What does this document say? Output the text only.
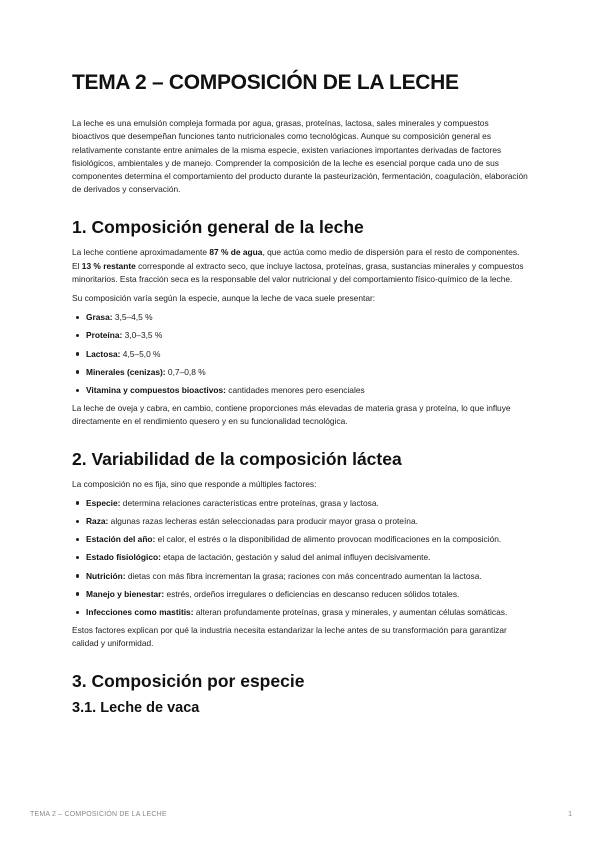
TEMA 2 – COMPOSICIÓN DE LA LECHE

La leche es una emulsión compleja formada por agua, grasas, proteínas, lactosa, sales minerales y compuestos bioactivos que desempeñan funciones tanto nutricionales como tecnológicas. Aunque su composición general es relativamente constante entre animales de la misma especie, existen variaciones importantes derivadas de factores fisiológicos, ambientales y de manejo. Comprender la composición de la leche es esencial porque cada uno de sus componentes determina el comportamiento del producto durante la pasteurización, fermentación, coagulación, elaboración de derivados y conservación.

1. Composición general de la leche

La leche contiene aproximadamente 87 % de agua, que actúa como medio de dispersión para el resto de componentes. El 13 % restante corresponde al extracto seco, que incluye lactosa, proteínas, grasa, sustancias minerales y compuestos minoritarios. Esta fracción seca es la responsable del valor nutricional y del comportamiento físico-químico de la leche.

Su composición varía según la especie, aunque la leche de vaca suele presentar:

Grasa: 3,5–4,5 %
Proteína: 3,0–3,5 %
Lactosa: 4,5–5,0 %
Minerales (cenizas): 0,7–0,8 %
Vitamina y compuestos bioactivos: cantidades menores pero esenciales

La leche de oveja y cabra, en cambio, contiene proporciones más elevadas de materia grasa y proteína, lo que influye directamente en el rendimiento quesero y en su funcionalidad tecnológica.

2. Variabilidad de la composición láctea

La composición no es fija, sino que responde a múltiples factores:

Especie: determina relaciones características entre proteínas, grasa y lactosa.
Raza: algunas razas lecheras están seleccionadas para producir mayor grasa o proteína.
Estación del año: el calor, el estrés o la disponibilidad de alimento provocan modificaciones en la composición.
Estado fisiológico: etapa de lactación, gestación y salud del animal influyen decisivamente.
Nutrición: dietas con más fibra incrementan la grasa; raciones con más concentrado aumentan la lactosa.
Manejo y bienestar: estrés, ordeños irregulares o deficiencias en descanso reducen sólidos totales.
Infecciones como mastitis: alteran profundamente proteínas, grasa y minerales, y aumentan células somáticas.

Estos factores explican por qué la industria necesita estandarizar la leche antes de su transformación para garantizar calidad y uniformidad.

3. Composición por especie
3.1. Leche de vaca
TEMA 2 – COMPOSICIÓN DE LA LECHE	1
